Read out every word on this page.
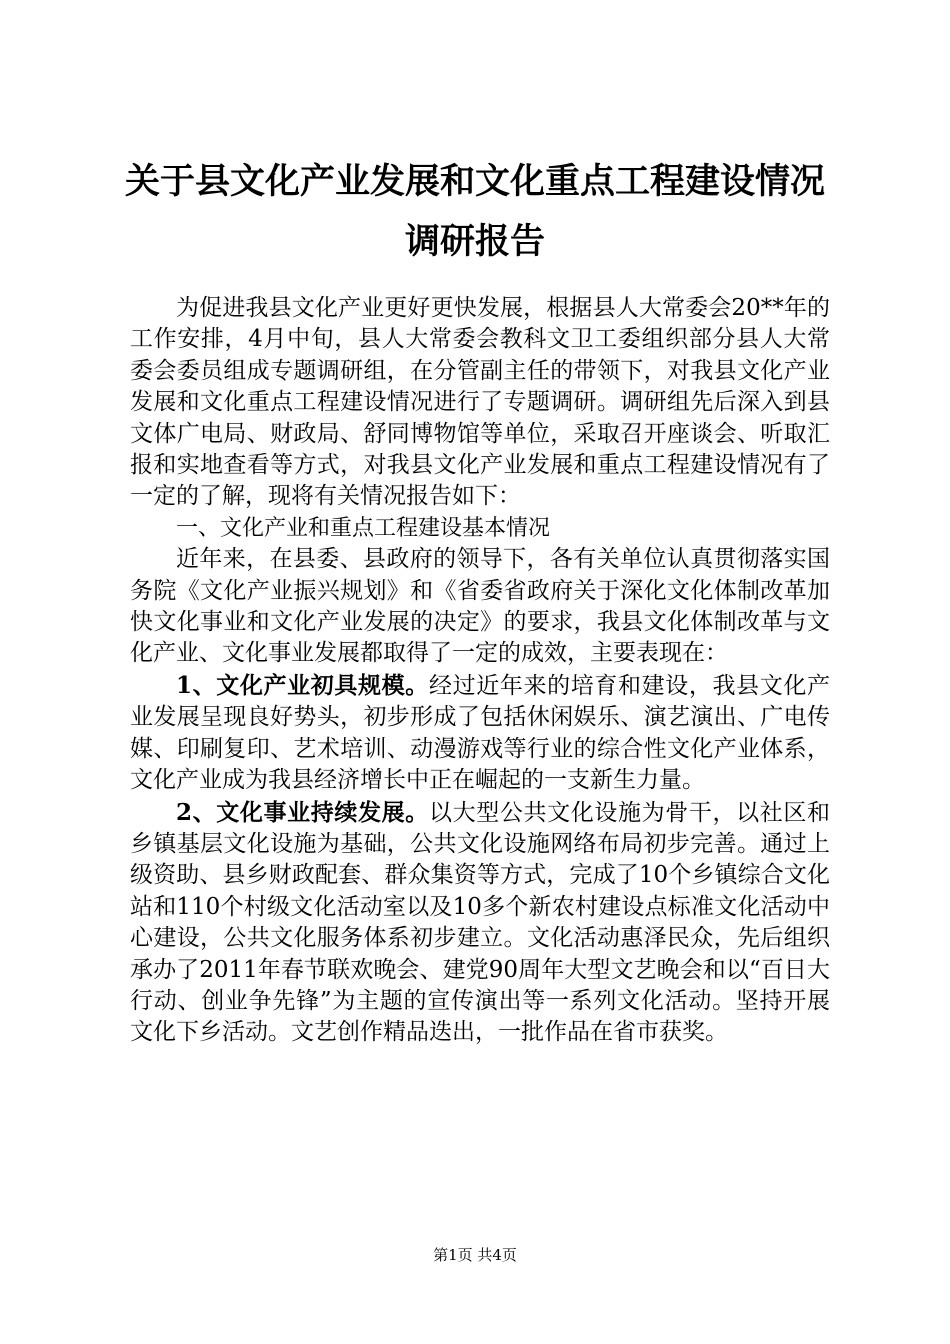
关于县文化产业发展和文化重点工程建设情况
调研报告

为促进我县文化产业更好更快发展，根据县人大常委会20**年的工作安排，4月中旬，县人大常委会教科文卫工委组织部分县人大常委会委员组成专题调研组，在分管副主任的带领下，对我县文化产业发展和文化重点工程建设情况进行了专题调研。调研组先后深入到县文体广电局、财政局、舒同博物馆等单位，采取召开座谈会、听取汇报和实地查看等方式，对我县文化产业发展和重点工程建设情况有了一定的了解，现将有关情况报告如下：

一、文化产业和重点工程建设基本情况

近年来，在县委、县政府的领导下，各有关单位认真贯彻落实国务院《文化产业振兴规划》和《省委省政府关于深化文化体制改革加快文化事业和文化产业发展的决定》的要求，我县文化体制改革与文化产业、文化事业发展都取得了一定的成效，主要表现在：

1、文化产业初具规模。经过近年来的培育和建设，我县文化产业发展呈现良好势头，初步形成了包括休闲娱乐、演艺演出、广电传媒、印刷复印、艺术培训、动漫游戏等行业的综合性文化产业体系，文化产业成为我县经济增长中正在崛起的一支新生力量。

2、文化事业持续发展。以大型公共文化设施为骨干，以社区和乡镇基层文化设施为基础，公共文化设施网络布局初步完善。通过上级资助、县乡财政配套、群众集资等方式，完成了10个乡镇综合文化站和110个村级文化活动室以及10多个新农村建设点标准文化活动中心建设，公共文化服务体系初步建立。文化活动惠泽民众，先后组织承办了2011年春节联欢晚会、建党90周年大型文艺晚会和以“百日大行动、创业争先锋”为主题的宣传演出等一系列文化活动。坚持开展文化下乡活动。文艺创作精品迭出，一批作品在省市获奖。

第1页 共4页
